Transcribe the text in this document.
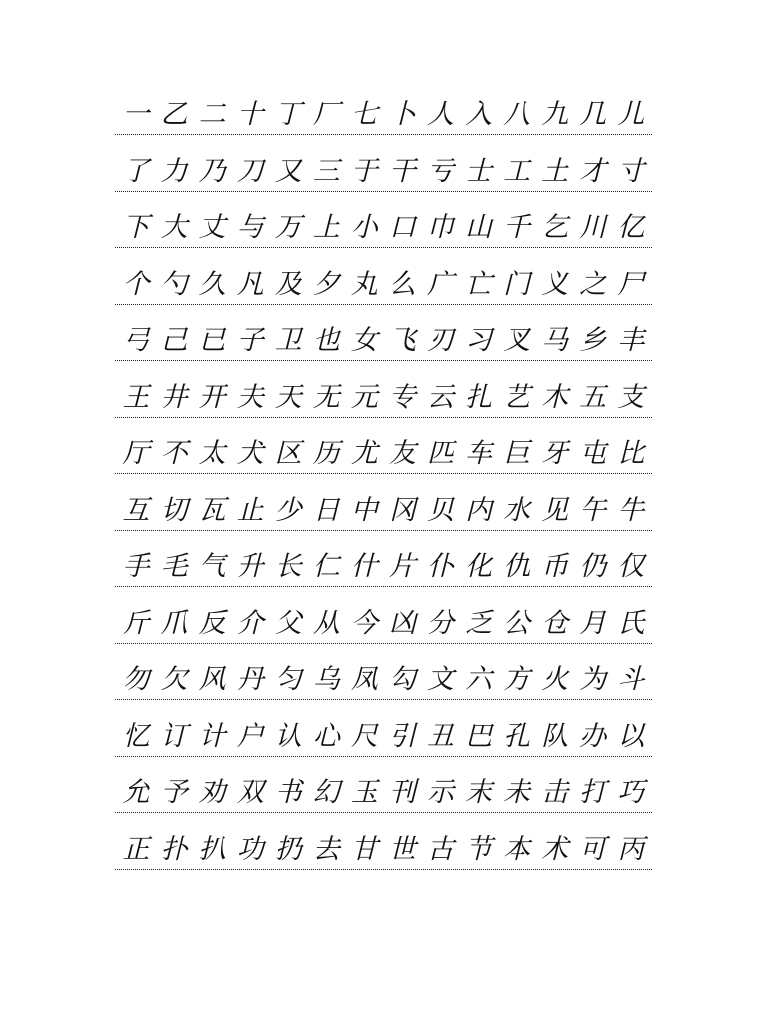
一 乙 二 十 丁 厂 七 卜 人 入 八 九 几 儿
了 力 乃 刀 又 三 于 干 亏 士 工 土 才 寸
下 大 丈 与 万 上 小 口 巾 山 千 乞 川 亿
个 勺 久 凡 及 夕 丸 么 广 亡 门 义 之 尸
弓 己 已 子 卫 也 女 飞 刃 习 叉 马 乡 丰
王 井 开 夫 天 无 元 专 云 扎 艺 木 五 支
厅 不 太 犬 区 历 尤 友 匹 车 巨 牙 屯 比
互 切 瓦 止 少 日 中 冈 贝 内 水 见 午 牛
手 毛 气 升 长 仁 什 片 仆 化 仇 币 仍 仅
斤 爪 反 介 父 从 今 凶 分 乏 公 仓 月 氏
勿 欠 风 丹 匀 乌 凤 勾 文 六 方 火 为 斗
忆 订 计 户 认 心 尺 引 丑 巴 孔 队 办 以
允 予 劝 双 书 幻 玉 刊 示 末 未 击 打 巧
正 扑 扒 功 扔 去 甘 世 古 节 本 术 可 丙
